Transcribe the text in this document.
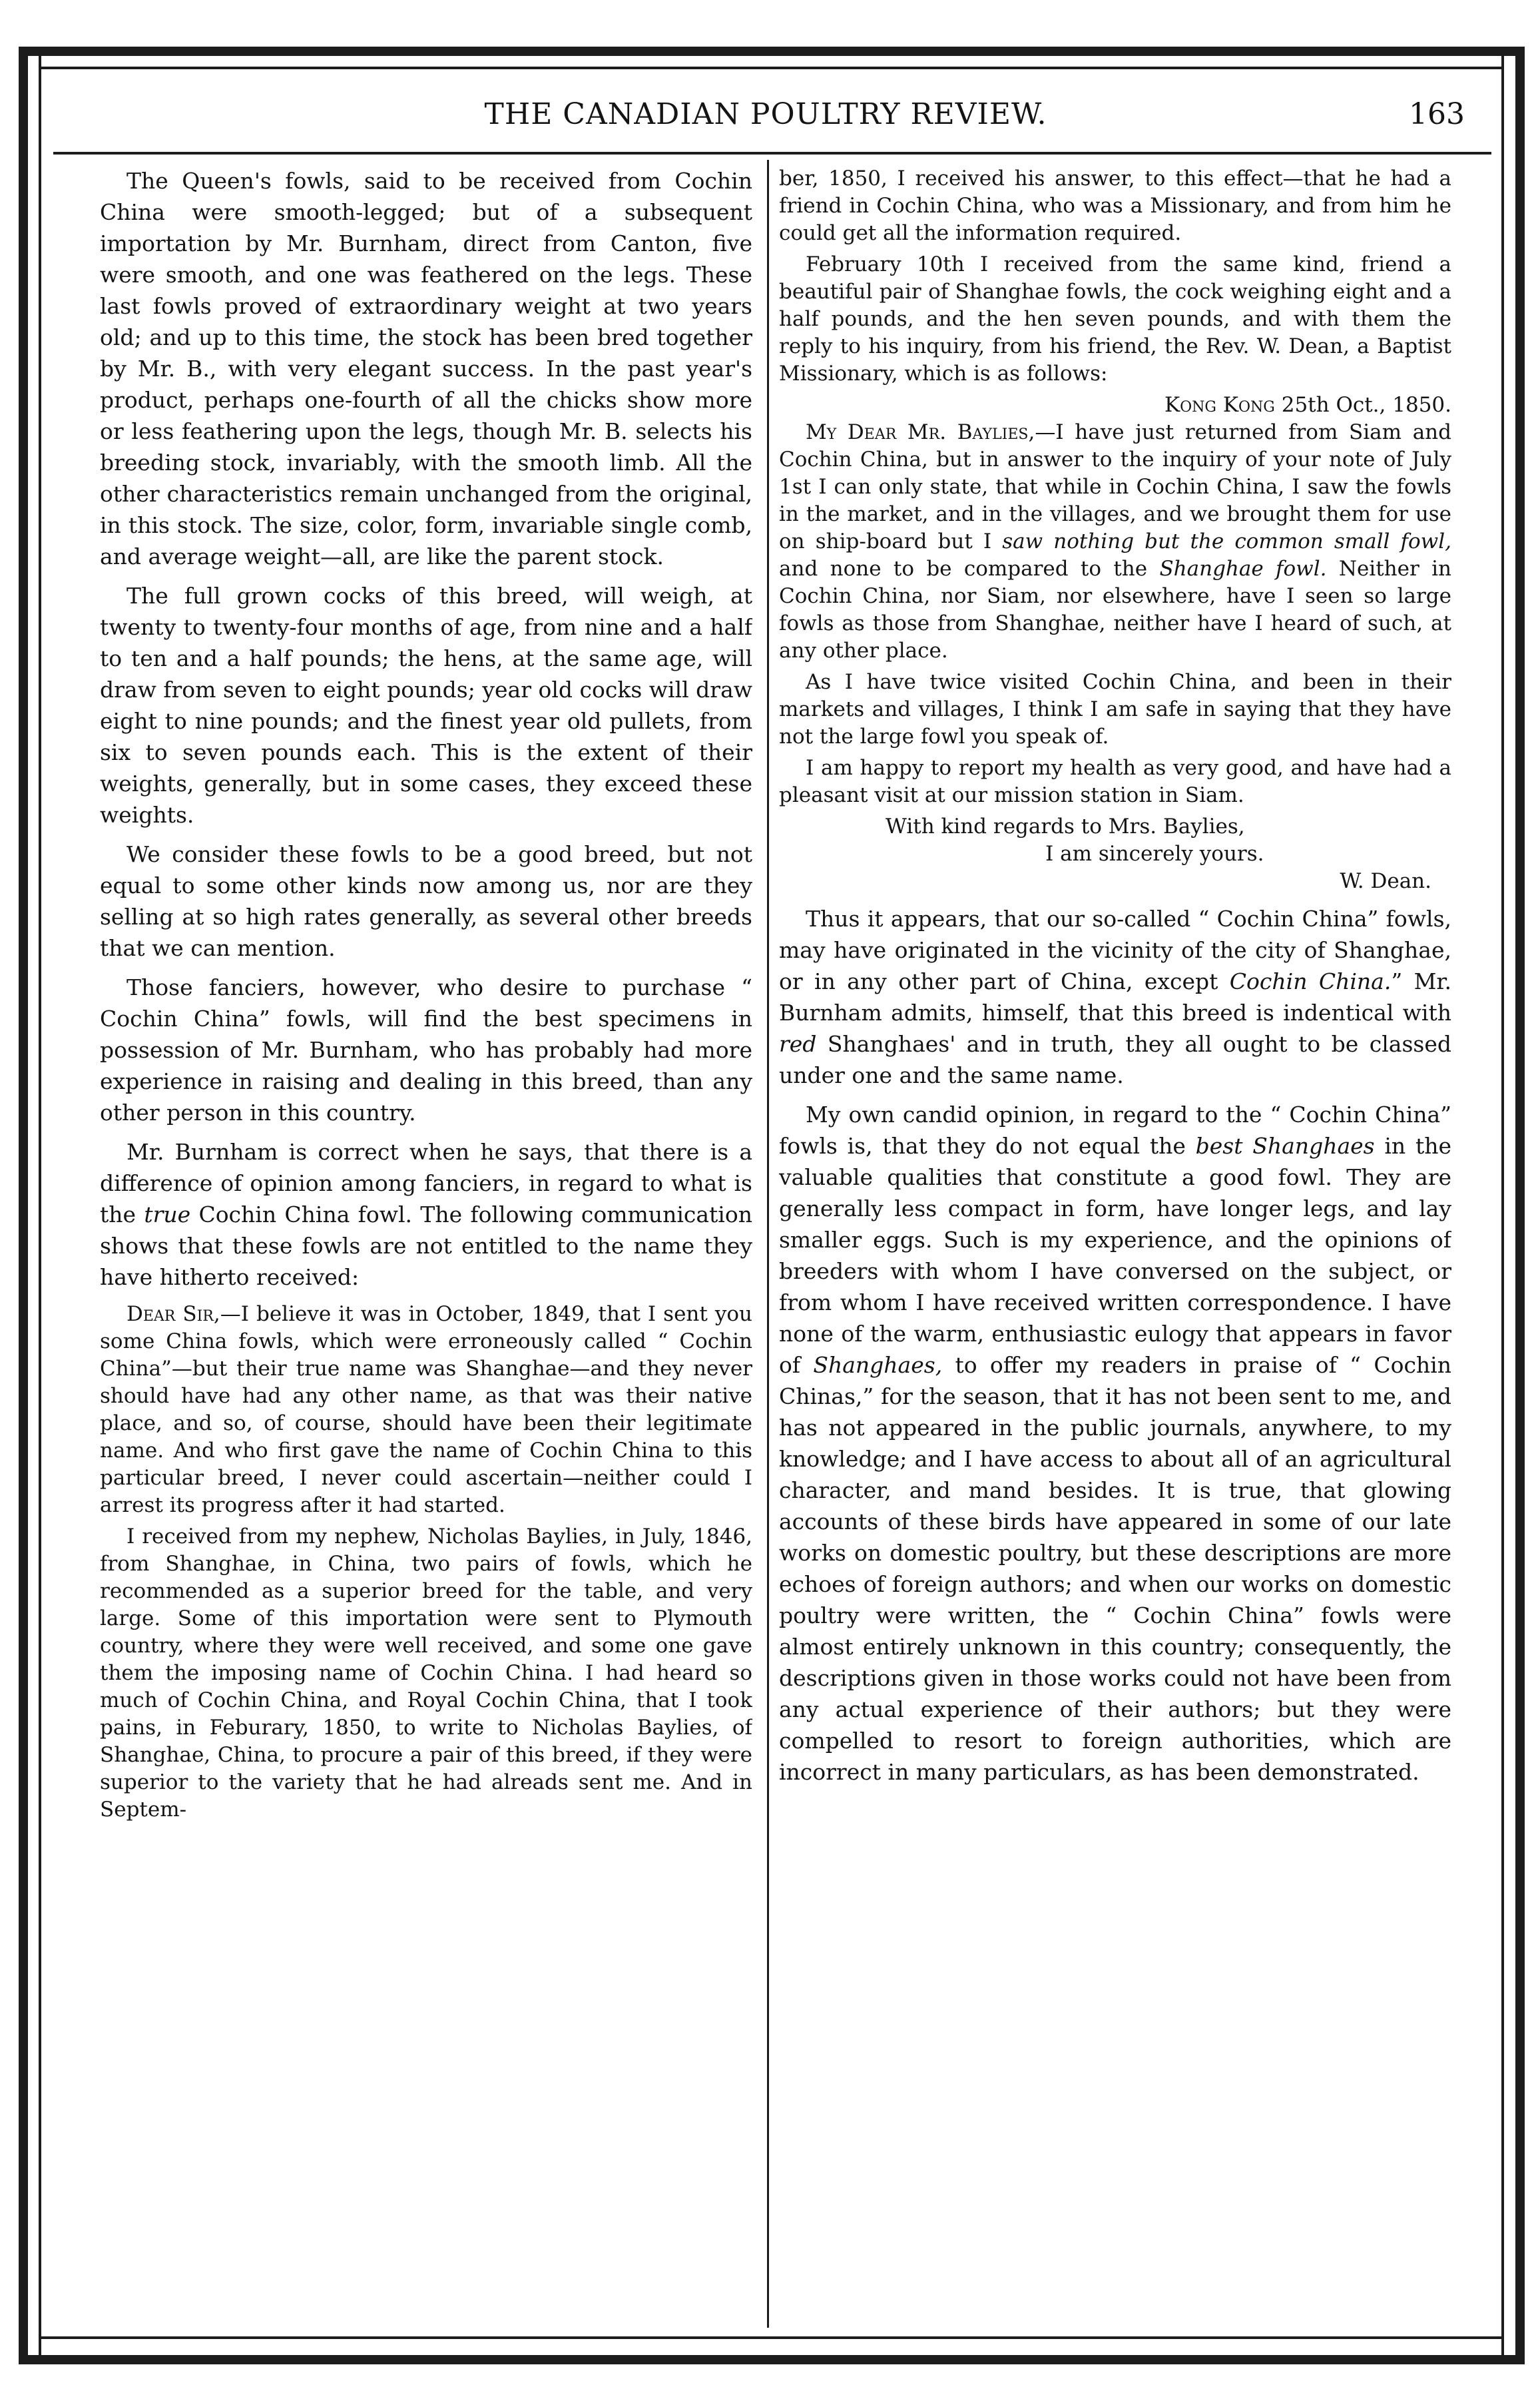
THE CANADIAN POULTRY REVIEW.	163

The Queen's fowls, said to be received from Cochin China were smooth-legged; but of a subsequent importation by Mr. Burnham, direct from Canton, five were smooth, and one was feathered on the legs. These last fowls proved of extraordinary weight at two years old; and up to this time, the stock has been bred together by Mr. B., with very elegant success. In the past year's product, perhaps one-fourth of all the chicks show more or less feathering upon the legs, though Mr. B. selects his breeding stock, invariably, with the smooth limb. All the other characteristics remain unchanged from the original, in this stock. The size, color, form, invariable single comb, and average weight—all, are like the parent stock.

The full grown cocks of this breed, will weigh, at twenty to twenty-four months of age, from nine and a half to ten and a half pounds; the hens, at the same age, will draw from seven to eight pounds; year old cocks will draw eight to nine pounds; and the finest year old pullets, from six to seven pounds each. This is the extent of their weights, generally, but in some cases, they exceed these weights.

We consider these fowls to be a good breed, but not equal to some other kinds now among us, nor are they selling at so high rates generally, as several other breeds that we can mention.

Those fanciers, however, who desire to purchase “ Cochin China” fowls, will find the best specimens in possession of Mr. Burnham, who has probably had more experience in raising and dealing in this breed, than any other person in this country.

Mr. Burnham is correct when he says, that there is a difference of opinion among fanciers, in regard to what is the true Cochin China fowl. The following communication shows that these fowls are not entitled to the name they have hitherto received:

Dear Sir,—I believe it was in October, 1849, that I sent you some China fowls, which were erroneously called “ Cochin China”—but their true name was Shanghae—and they never should have had any other name, as that was their native place, and so, of course, should have been their legitimate name. And who first gave the name of Cochin China to this particular breed, I never could ascertain—neither could I arrest its progress after it had started.

I received from my nephew, Nicholas Baylies, in July, 1846, from Shanghae, in China, two pairs of fowls, which he recommended as a superior breed for the table, and very large. Some of this importation were sent to Plymouth country, where they were well received, and some one gave them the imposing name of Cochin China. I had heard so much of Cochin China, and Royal Cochin China, that I took pains, in Feburary, 1850, to write to Nicholas Baylies, of Shanghae, China, to procure a pair of this breed, if they were superior to the variety that he had alreads sent me. And in Septem-

ber, 1850, I received his answer, to this effect—that he had a friend in Cochin China, who was a Missionary, and from him he could get all the information required.

February 10th I received from the same kind, friend a beautiful pair of Shanghae fowls, the cock weighing eight and a half pounds, and the hen seven pounds, and with them the reply to his inquiry, from his friend, the Rev. W. Dean, a Baptist Missionary, which is as follows:

Kong Kong 25th Oct., 1850.

My Dear Mr. Baylies,—I have just returned from Siam and Cochin China, but in answer to the inquiry of your note of July 1st I can only state, that while in Cochin China, I saw the fowls in the market, and in the villages, and we brought them for use on ship-board but I saw nothing but the common small fowl, and none to be compared to the Shanghae fowl. Neither in Cochin China, nor Siam, nor elsewhere, have I seen so large fowls as those from Shanghae, neither have I heard of such, at any other place.

As I have twice visited Cochin China, and been in their markets and villages, I think I am safe in saying that they have not the large fowl you speak of.

I am happy to report my health as very good, and have had a pleasant visit at our mission station in Siam.

With kind regards to Mrs. Baylies,

I am sincerely yours.

W. Dean.

Thus it appears, that our so-called “ Cochin China” fowls, may have originated in the vicinity of the city of Shanghae, or in any other part of China, except Cochin China.” Mr. Burnham admits, himself, that this breed is indentical with red Shanghaes' and in truth, they all ought to be classed under one and the same name.

My own candid opinion, in regard to the “ Cochin China” fowls is, that they do not equal the best Shanghaes in the valuable qualities that constitute a good fowl. They are generally less compact in form, have longer legs, and lay smaller eggs. Such is my experience, and the opinions of breeders with whom I have conversed on the subject, or from whom I have received written correspondence. I have none of the warm, enthusiastic eulogy that appears in favor of Shanghaes, to offer my readers in praise of “ Cochin Chinas,” for the season, that it has not been sent to me, and has not appeared in the public journals, anywhere, to my knowledge; and I have access to about all of an agricultural character, and mand besides. It is true, that glowing accounts of these birds have appeared in some of our late works on domestic poultry, but these descriptions are more echoes of foreign authors; and when our works on domestic poultry were written, the “ Cochin China” fowls were almost entirely unknown in this country; consequently, the descriptions given in those works could not have been from any actual experience of their authors; but they were compelled to resort to foreign authorities, which are incorrect in many particulars, as has been demonstrated.
